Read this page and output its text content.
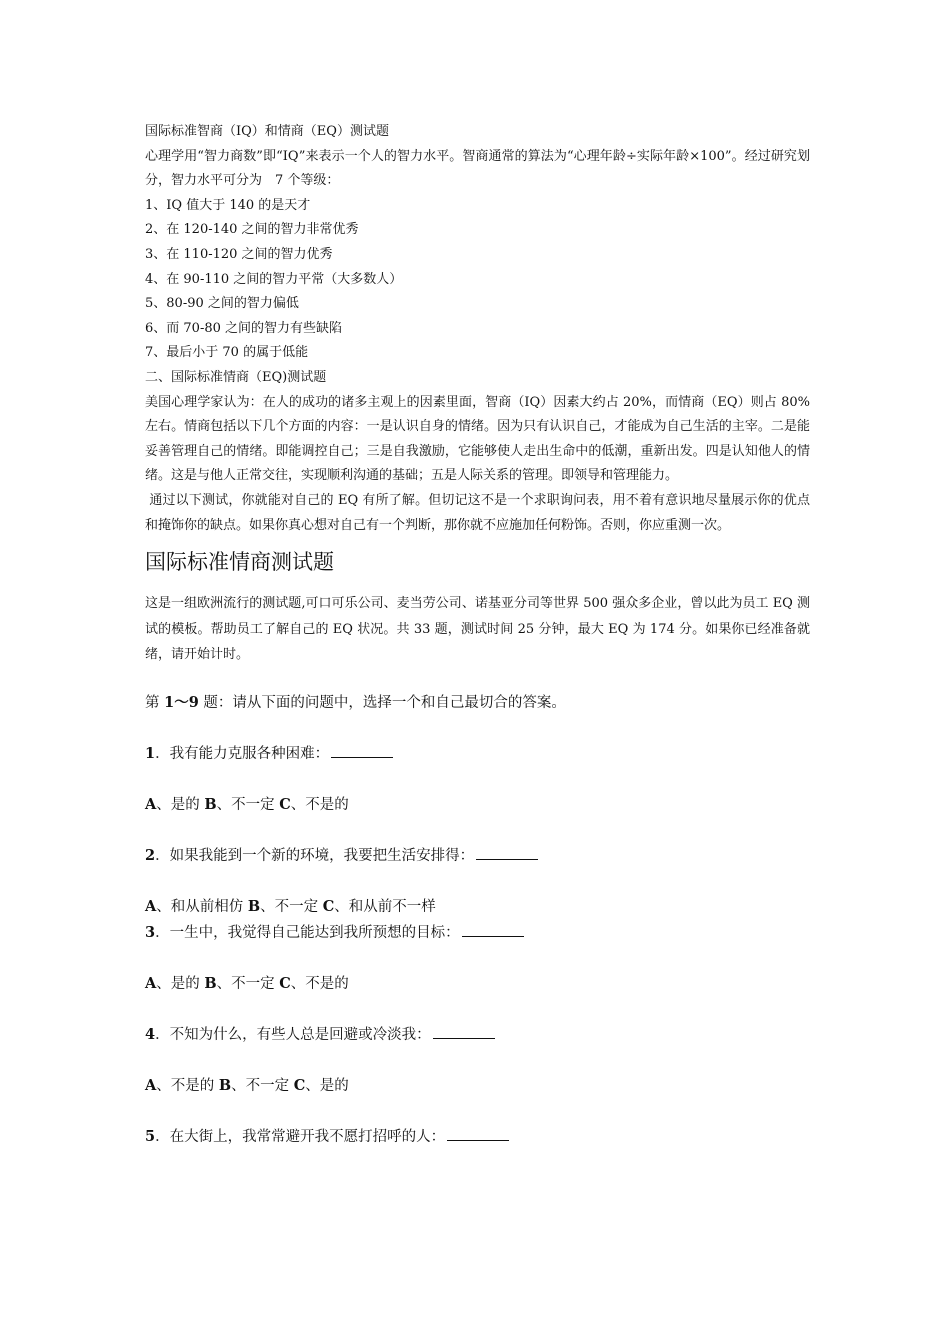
国际标准智商（IQ）和情商（EQ）测试题
心理学用“智力商数”即“IQ”来表示一个人的智力水平。智商通常的算法为“心理年龄÷实际年龄×100”。经过研究划分，智力水平可分为　7 个等级：
1、IQ 值大于 140 的是天才
2、在 120-140 之间的智力非常优秀
3、在 110-120 之间的智力优秀
4、在 90-110 之间的智力平常（大多数人）
5、80-90 之间的智力偏低
6、而 70-80 之间的智力有些缺陷
7、最后小于 70 的属于低能
二、国际标准情商（EQ)测试题
美国心理学家认为：在人的成功的诸多主观上的因素里面，智商（IQ）因素大约占 20%，而情商（EQ）则占 80%左右。情商包括以下几个方面的内容：一是认识自身的情绪。因为只有认识自己，才能成为自己生活的主宰。二是能妥善管理自己的情绪。即能调控自己；三是自我激励，它能够使人走出生命中的低潮，重新出发。四是认知他人的情绪。这是与他人正常交往，实现顺利沟通的基础；五是人际关系的管理。即领导和管理能力。
通过以下测试，你就能对自己的 EQ 有所了解。但切记这不是一个求职询问表，用不着有意识地尽量展示你的优点和掩饰你的缺点。如果你真心想对自己有一个判断，那你就不应施加任何粉饰。否则，你应重测一次。
国际标准情商测试题
这是一组欧洲流行的测试题,可口可乐公司、麦当劳公司、诺基亚分司等世界 500 强众多企业，曾以此为员工 EQ 测试的模板。帮助员工了解自己的 EQ 状况。共 33 题，测试时间 25 分钟，最大 EQ 为 174 分。如果你已经准备就绪，请开始计时。
第 1～9 题：请从下面的问题中，选择一个和自己最切合的答案。
1．我有能力克服各种困难：
A、是的 B、不一定 C、不是的
2．如果我能到一个新的环境，我要把生活安排得：
A、和从前相仿 B、不一定 C、和从前不一样
3．一生中，我觉得自己能达到我所预想的目标：
A、是的 B、不一定 C、不是的
4．不知为什么，有些人总是回避或冷淡我：
A、不是的 B、不一定 C、是的
5．在大街上，我常常避开我不愿打招呼的人：
